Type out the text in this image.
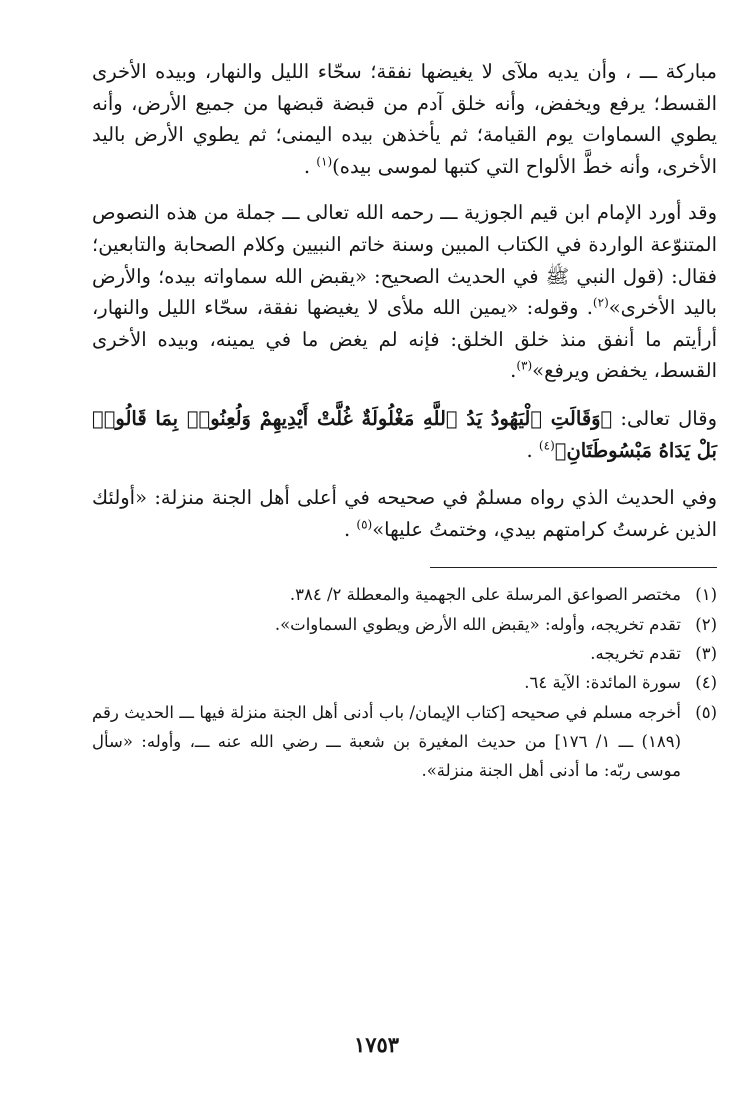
مباركة ـــ ، وأن يديه ملآى لا يغيضها نفقة؛ سحّاء الليل والنهار، وبيده الأخرى القسط؛ يرفع ويخفض، وأنه خلق آدم من قبضة قبضها من جميع الأرض، وأنه يطوي السماوات يوم القيامة؛ ثم يأخذهن بيده اليمنى؛ ثم يطوي الأرض باليد الأخرى، وأنه خطَّ الألواح التي كتبها لموسى بيده)$^{(١)}$ .

وقد أورد الإمام ابن قيم الجوزية ـــ رحمه الله تعالى ـــ جملة من هذه النصوص المتنوّعة الواردة في الكتاب المبين وسنة خاتم النبيين وكلام الصحابة والتابعين؛ فقال: (قول النبي ﷺ في الحديث الصحيح: «يقبض الله سماواته بيده؛ والأرض باليد الأخرى»$^{(٢)}$. وقوله: «يمين الله ملأى لا يغيضها نفقة، سحّاء الليل والنهار، أرأيتم ما أنفق منذ خلق الخلق: فإنه لم يغض ما في يمينه، وبيده الأخرى القسط، يخفض ويرفع»$^{(٣)}$.

وقال تعالى: ﴿وَقَالَتِ ٱلْيَهُودُ يَدُ ٱللَّهِ مَغْلُولَةٌ غُلَّتْ أَيْدِيهِمْ وَلُعِنُوا۟ بِمَا قَالُوا۟ بَلْ يَدَاهُ مَبْسُوطَتَانِ﴾$^{(٤)}$ .

وفي الحديث الذي رواه مسلمٌ في صحيحه في أعلى أهل الجنة منزلة: «أولئك الذين غرستُ كرامتهم بيدي، وختمتُ عليها»$^{(٥)}$ .

(١)
مختصر الصواعق المرسلة على الجهمية والمعطلة ٢/ ٣٨٤.
(٢)
تقدم تخريجه، وأوله: «يقبض الله الأرض ويطوي السماوات».
(٣)
تقدم تخريجه.
(٤)
سورة المائدة: الآية ٦٤.
(٥)
أخرجه مسلم في صحيحه [كتاب الإيمان/ باب أدنى أهل الجنة منزلة فيها ـــ الحديث رقم (١٨٩) ـــ ١/ ١٧٦] من حديث المغيرة بن شعبة ـــ رضي الله عنه ـــ، وأوله: «سأل موسى ربّه: ما أدنى أهل الجنة منزلة».
١٧٥٣
